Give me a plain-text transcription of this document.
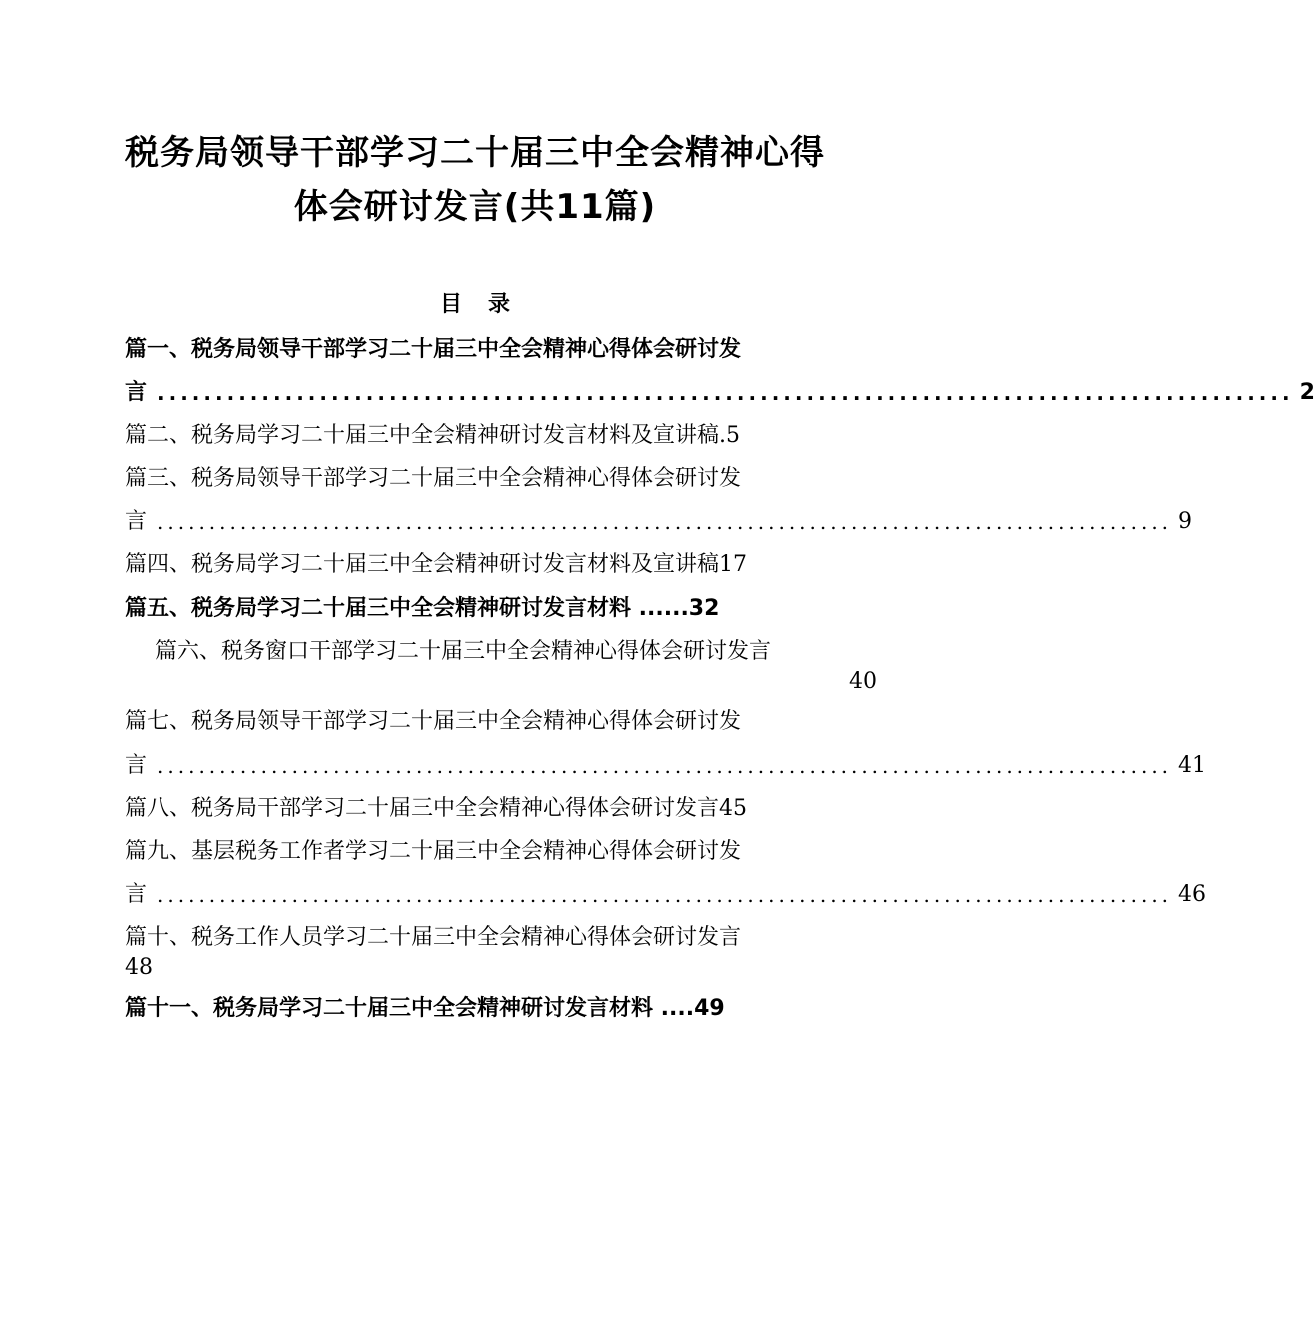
税务局领导干部学习二十届三中全会精神心得
体会研讨发言(共11篇)
目录
篇一、税务局领导干部学习二十届三中全会精神心得体会研讨发
言 .................................................................................................. 2
篇二、税务局学习二十届三中全会精神研讨发言材料及宣讲稿.5
篇三、税务局领导干部学习二十届三中全会精神心得体会研讨发
言 .................................................................................................. 9
篇四、税务局学习二十届三中全会精神研讨发言材料及宣讲稿17
篇五、税务局学习二十届三中全会精神研讨发言材料 ......32
篇六、税务窗口干部学习二十届三中全会精神心得体会研讨发言
40
篇七、税务局领导干部学习二十届三中全会精神心得体会研讨发
言 .................................................................................................. 41
篇八、税务局干部学习二十届三中全会精神心得体会研讨发言45
篇九、基层税务工作者学习二十届三中全会精神心得体会研讨发
言 .................................................................................................. 46
篇十、税务工作人员学习二十届三中全会精神心得体会研讨发言
48
篇十一、税务局学习二十届三中全会精神研讨发言材料 ....49
